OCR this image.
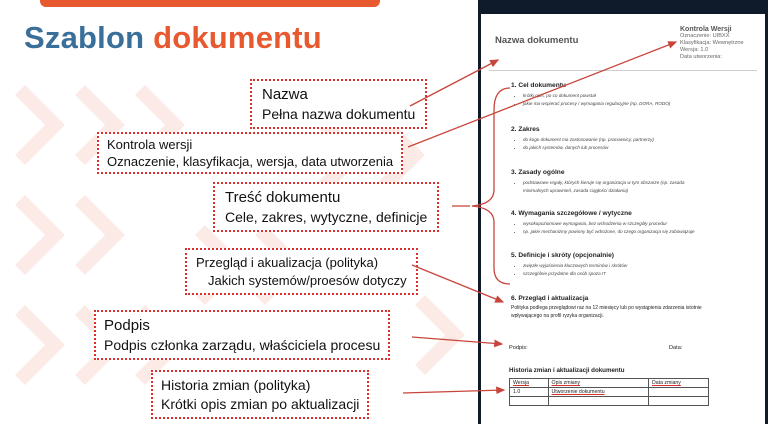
Szablon dokumentu
Nazwa
Pełna nazwa dokumentu
Kontrola wersji
Oznaczenie, klasyfikacja, wersja, data utworzenia
Treść dokumentu
Cele, zakres, wytyczne, definicje
Przegląd i akualizacja (polityka)
Jakich systemów/proesów dotyczy
Podpis
Podpis członka zarządu, właściciela procesu
Historia zmian (polityka)
Krótki opis zmian po aktualizacji
Nazwa dokumentu
Kontrola Wersji
Oznaczenie: UIBXX
Klasyfikacja: Wewnętrzne
Wersja: 1.0
Data utworzenia:
1. Cel dokumentu
• krótki opis, po co dokument powstał
• jakie ma wspierać procesy / wymagania regulacyjne (np. DORA, RODO)
2. Zakres
• do kogo dokument ma zastosowanie (np. pracownicy, partnerzy)
• do jakich systemów, danych lub procesów
3. Zasady ogólne
• podstawowe reguły, których kieruje się organizacja w tym obszarze (np. zasada
minimalnych uprawnień, zasada ciągłości działania)
4. Wymagania szczegółowe / wytyczne
• wysokopoziomowe wymagania, bez wchodzenia w szczegóły procedur
• np. jakie mechanizmy powinny być wdrożone, do czego organizacja się zobowiązuje
5. Definicje i skróty (opcjonalnie)
• zwięzłe wyjaśnienia kluczowych terminów i skrótów
• szczególnie przydatne dla osób spoza IT
6. Przegląd i aktualizacja
Polityka podlega przeglądowi raz na 12 miesięcy lub po wystąpieniu zdarzenia istotnie wpływającego na profil ryzyka organizacji.
Podpis:	Data:
Historia zmian i aktualizacji dokumentu
Wersja	Opis zmiany	Data zmiany
1.0	Utworzenie dokumentu	
